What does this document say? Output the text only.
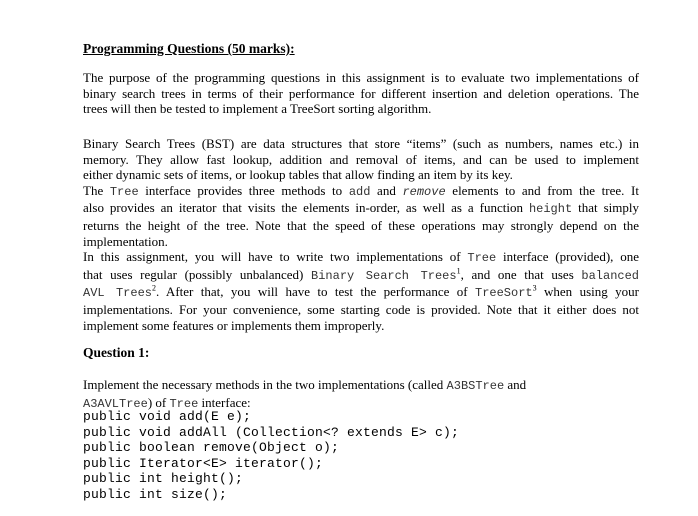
Programming Questions (50 marks):
The purpose of the programming questions in this assignment is to evaluate two implementations of
binary search trees in terms of their performance for different insertion and deletion operations. The
trees will then be tested to implement a TreeSort sorting algorithm.
Binary Search Trees (BST) are data structures that store “items” (such as numbers, names etc.) in
memory. They allow fast lookup, addition and removal of items, and can be used to implement
either dynamic sets of items, or lookup tables that allow finding an item by its key.
The Tree interface provides three methods to add and remove elements to and from the tree. It
also provides an iterator that visits the elements in-order, as well as a function height that simply
returns the height of the tree. Note that the speed of these operations may strongly depend on the
implementation.
In this assignment, you will have to write two implementations of Tree interface (provided), one
that uses regular (possibly unbalanced) Binary Search Trees$^1$, and one that uses balanced
AVL Trees$^2$. After that, you will have to test the performance of TreeSort$^3$ when using your
implementations. For your convenience, some starting code is provided. Note that it either does not
implement some features or implements them improperly.
Question 1:
Implement the necessary methods in the two implementations (called A3BSTree and
A3AVLTree) of Tree interface:
public void add(E e);
public void addAll (Collection<? extends E> c);
public boolean remove(Object o);
public Iterator<E> iterator();
public int height();
public int size();
